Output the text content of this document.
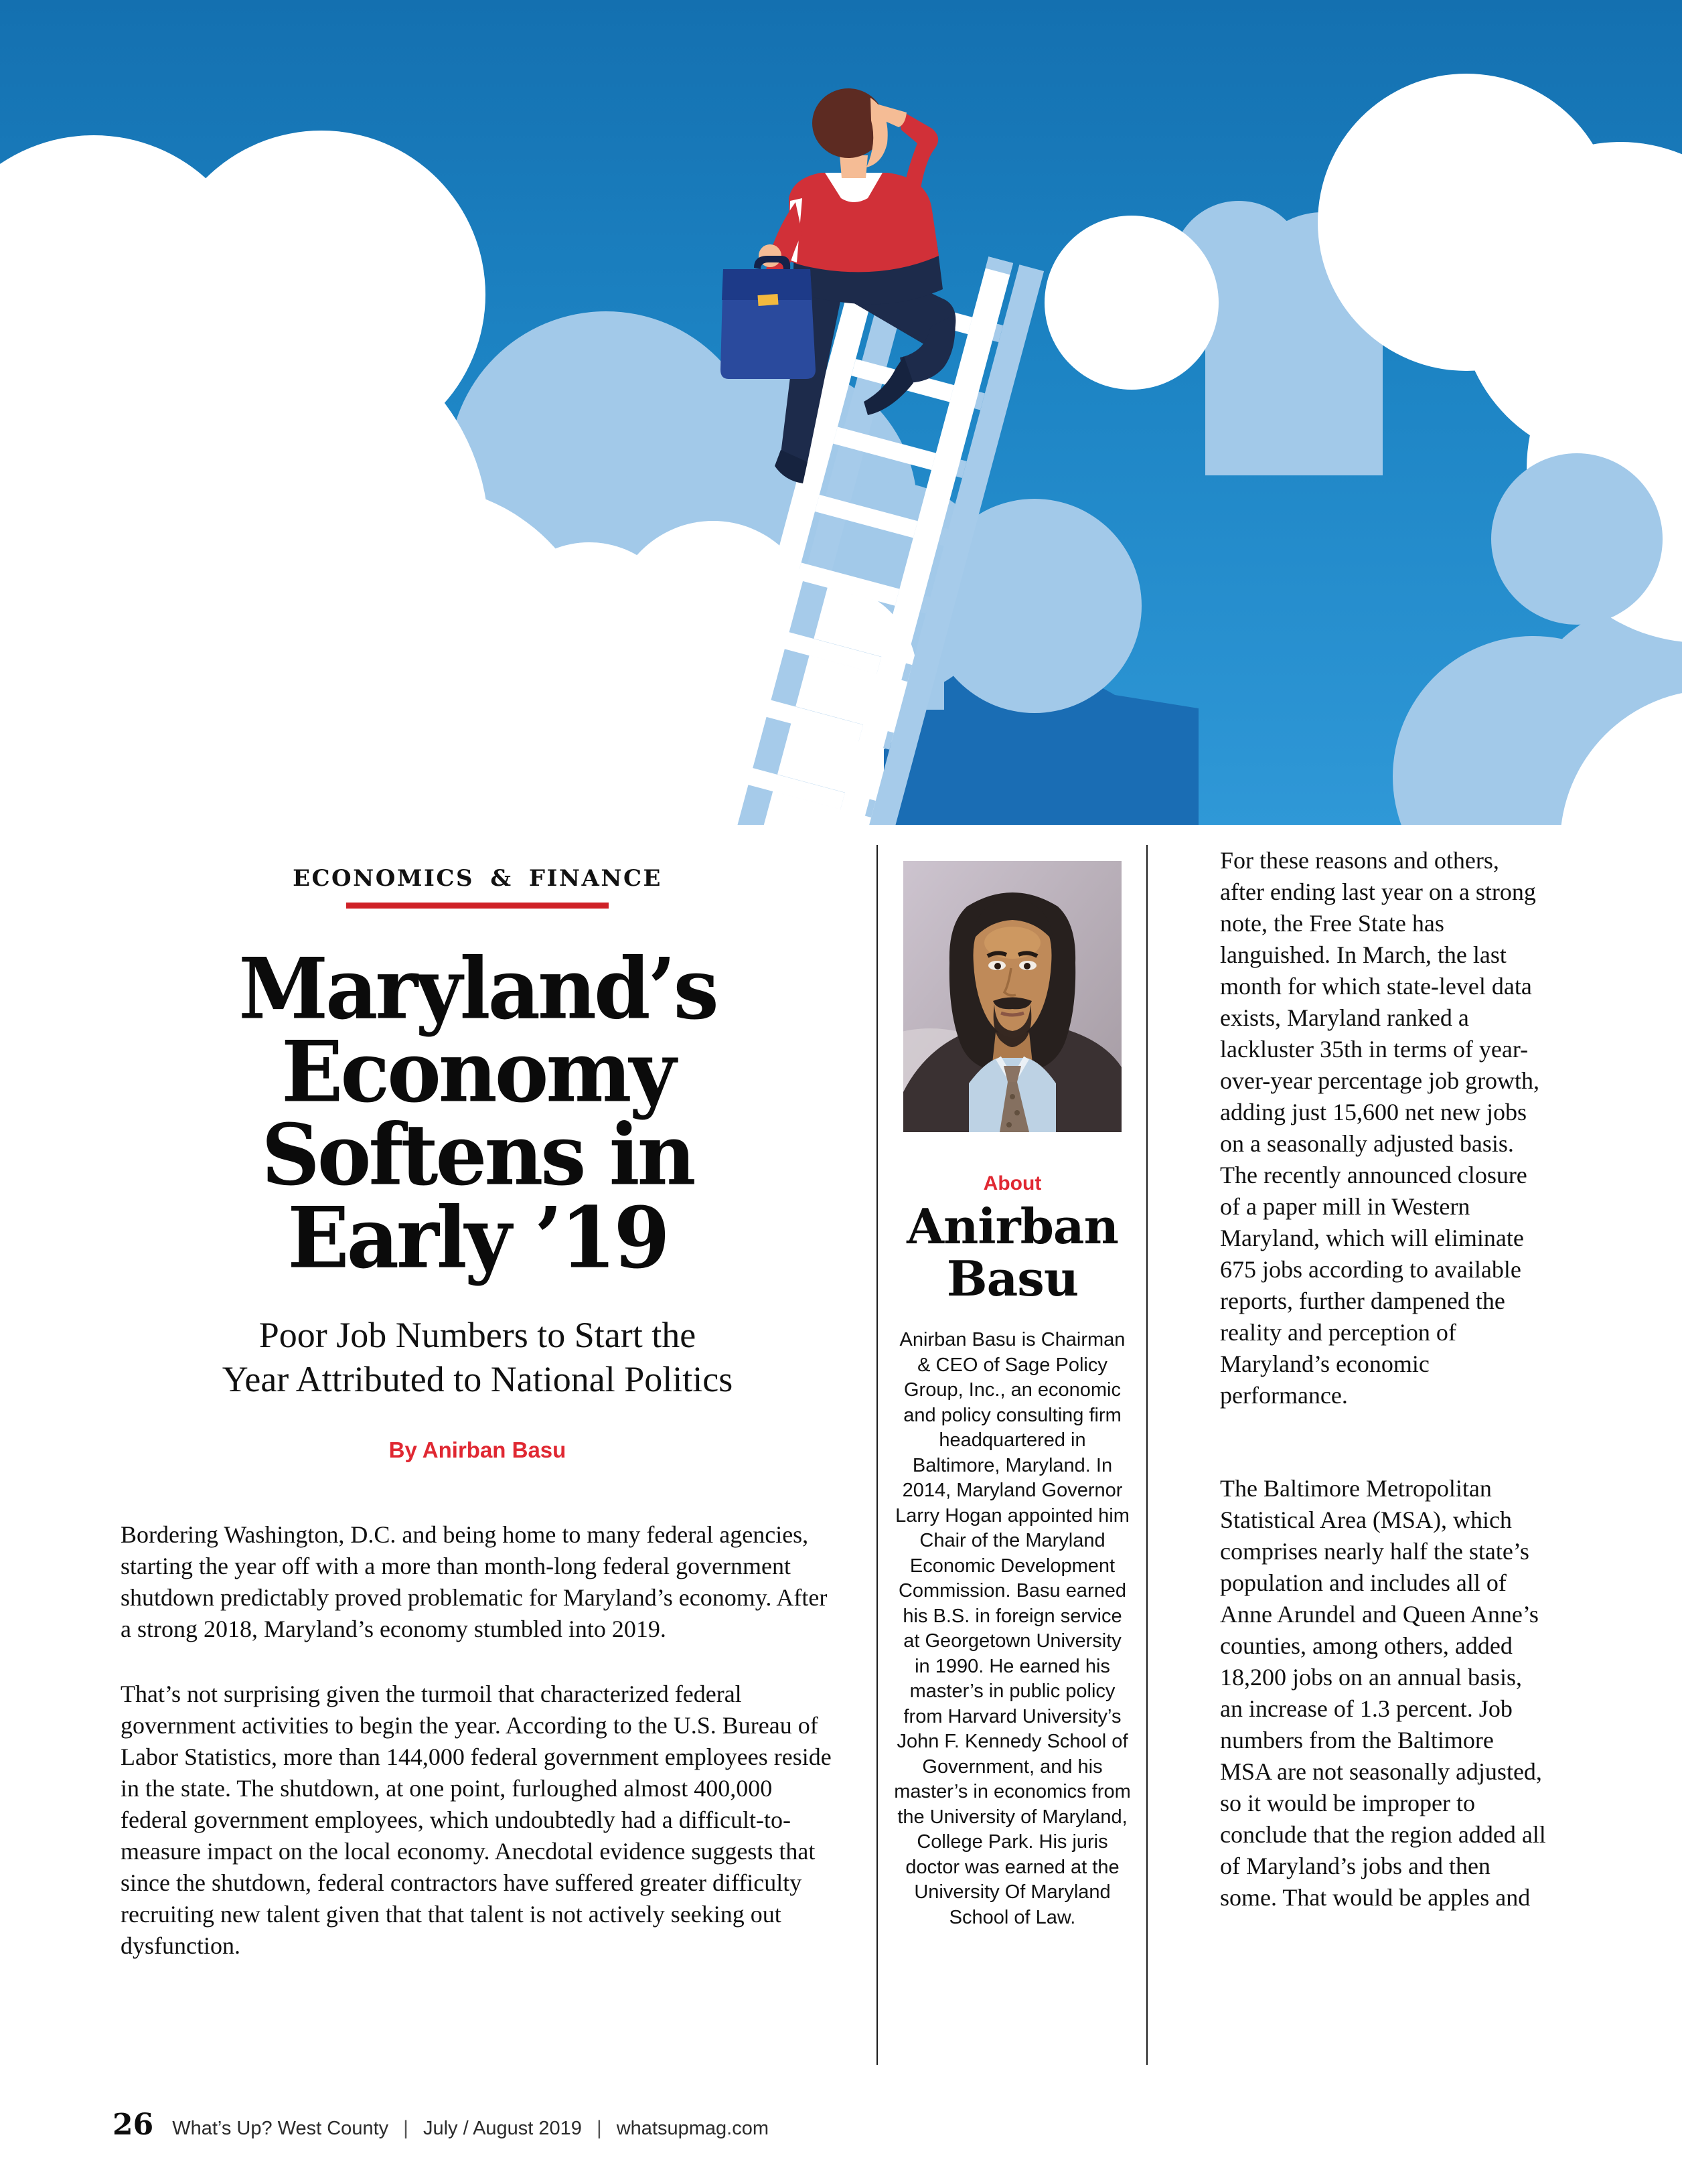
ECONOMICS & FINANCE
Maryland’s
Economy
Softens in
Early ’19
Poor Job Numbers to Start the
Year Attributed to National Politics
By Anirban Basu

Bordering Washington, D.C. and being home to many federal agencies, starting the year off with a more than month-long federal government shutdown predictably proved problematic for Maryland’s economy. After a strong 2018, Maryland’s economy stumbled into 2019.

That’s not surprising given the turmoil that characterized federal government activities to begin the year. According to the U.S. Bureau of Labor Statistics, more than 144,000 federal government employees reside in the state. The shutdown, at one point, furloughed almost 400,000 federal government employees, which undoubtedly had a difficult-to-measure impact on the local economy. Anecdotal evidence suggests that since the shutdown, federal contractors have suffered greater difficulty recruiting new talent given that that talent is not actively seeking out dysfunction.

About
Anirban
Basu
Anirban Basu is Chairman & CEO of Sage Policy Group, Inc., an economic and policy consulting firm headquartered in Baltimore, Maryland. In 2014, Maryland Governor Larry Hogan appointed him Chair of the Maryland Economic Development Commission. Basu earned his B.S. in foreign service at Georgetown University in 1990. He earned his master’s in public policy from Harvard University’s John F. Kennedy School of Government, and his master’s in economics from the University of Maryland, College Park. His juris doctor was earned at the University Of Maryland School of Law.

For these reasons and others, after ending last year on a strong note, the Free State has languished. In March, the last month for which state-level data exists, Maryland ranked a lackluster 35th in terms of year-over-year percentage job growth, adding just 15,600 net new jobs on a seasonally adjusted basis. The recently announced closure of a paper mill in Western Maryland, which will eliminate 675 jobs according to available reports, further dampened the reality and perception of Maryland’s economic performance.

The Baltimore Metropolitan Statistical Area (MSA), which comprises nearly half the state’s population and includes all of Anne Arundel and Queen Anne’s counties, among others, added 18,200 jobs on an annual basis, an increase of 1.3 percent. Job numbers from the Baltimore MSA are not seasonally adjusted, so it would be improper to conclude that the region added all of Maryland’s jobs and then some. That would be apples and

26 What’s Up? West County | July / August 2019 | whatsupmag.com
